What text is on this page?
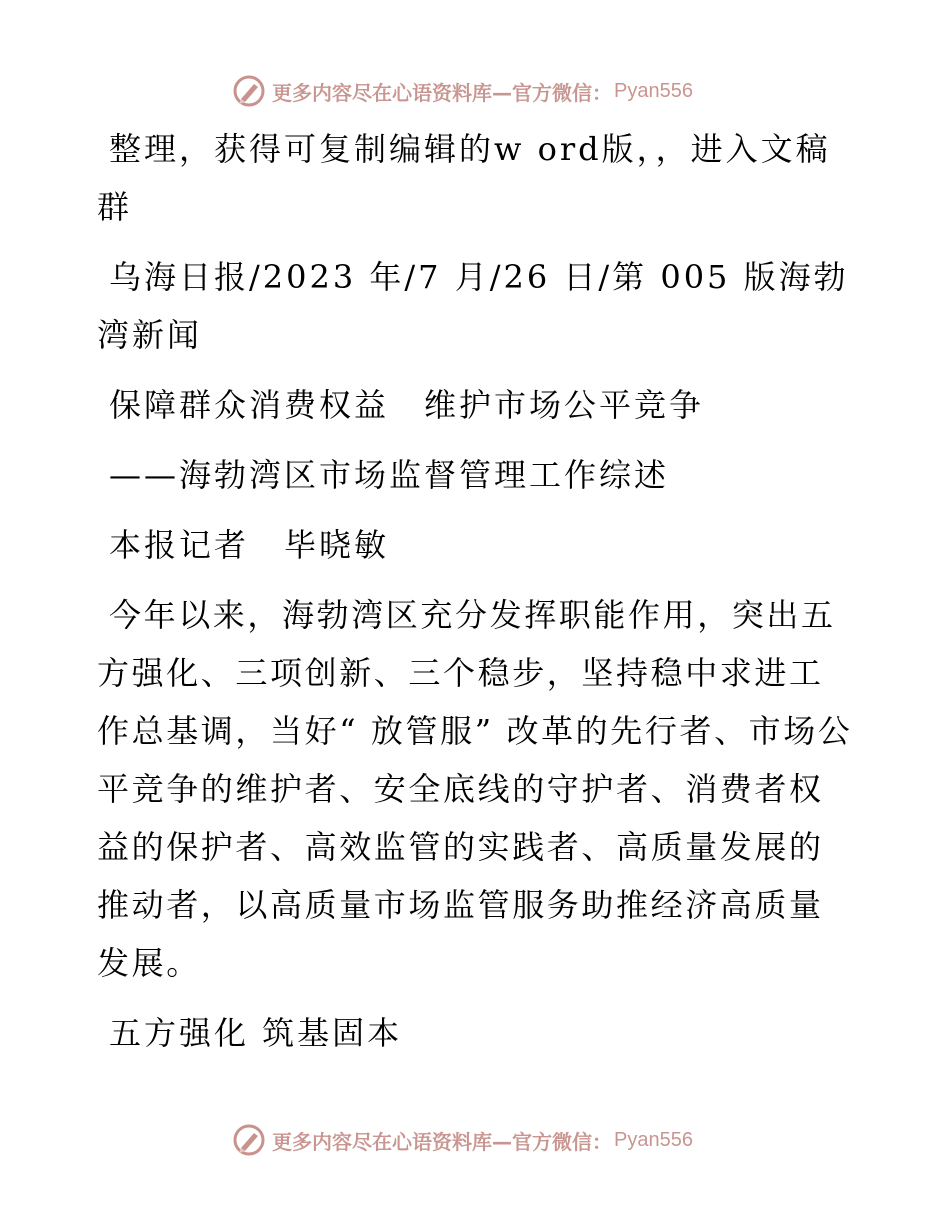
更多内容尽在心语资料库—官方微信： Pyan556

整理，获得可复制编辑的w ord版，，进入文稿群

乌海日报/2023 年/7 月/26 日/第 005 版海勃湾新闻

保障群众消费权益　维护市场公平竞争

——海勃湾区市场监督管理工作综述

本报记者　毕晓敏

今年以来，海勃湾区充分发挥职能作用，突出五方强化、三项创新、三个稳步，坚持稳中求进工作总基调，当好“ 放管服” 改革的先行者、市场公平竞争的维护者、安全底线的守护者、消费者权益的保护者、高效监管的实践者、高质量发展的推动者，以高质量市场监管服务助推经济高质量发展。

五方强化 筑基固本

更多内容尽在心语资料库—官方微信： Pyan556
